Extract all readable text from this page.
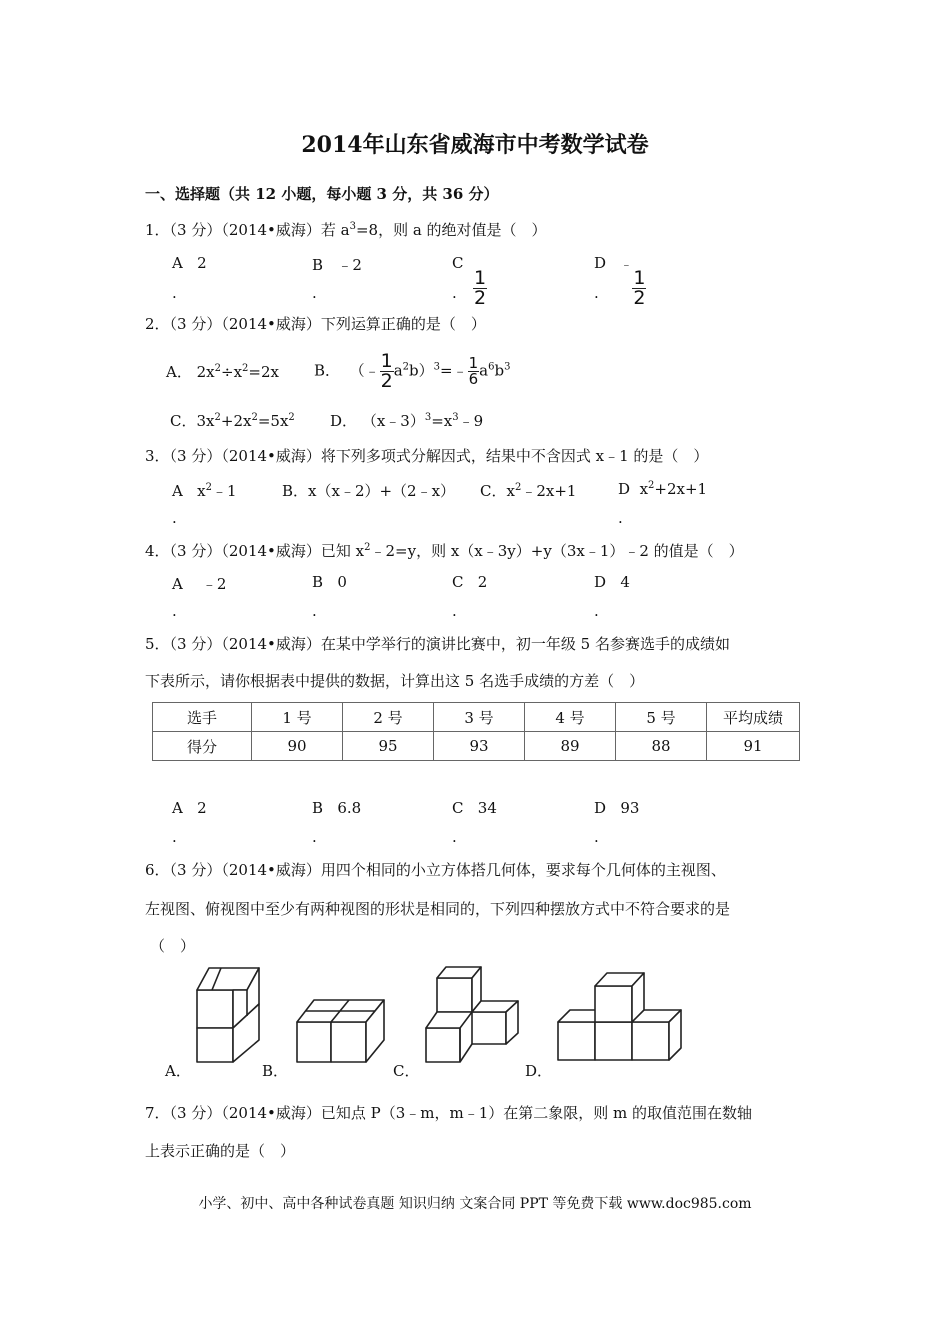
2014年山东省威海市中考数学试卷
一、选择题（共 12 小题，每小题 3 分，共 36 分）
1．（3 分）（2014•威海）若 $a^3=8$，则 a 的绝对值是（　）
A 2	B ﹣2	C
$\frac{1}{2}$
D ﹣
$\frac{1}{2}$
.	.	.	.
2．（3 分）（2014•威海）下列运算正确的是（　）
A． $2x^2\div x^2=2x$ B． （﹣ $\frac{1}{2}$ $a^2b)^3=﹣ \frac{1}{6} a^6b^3$
C．$3x^2+2x^2=5x^2$ D． $(x﹣3)^3=x^3﹣9$
3．（3 分）（2014•威海）将下列多项式分解因式，结果中不含因式 x﹣1 的是（　）
A $x^2﹣1$	B．x（x﹣2）+（2﹣x） C．$x^2﹣2x+1$	D $x^2+2x+1$
.	.
4．（3 分）（2014•威海）已知 $x^2﹣2=y$，则 x（x﹣3y）+y（3x﹣1）﹣2 的值是（　）
A ﹣2	B 0	C 2	D 4
.	.	.	.
5．（3 分）（2014•威海）在某中学举行的演讲比赛中，初一年级 5 名参赛选手的成绩如
下表所示，请你根据表中提供的数据，计算出这 5 名选手成绩的方差（　）
选手	1 号	2 号	3 号	4 号	5 号	平均成绩
得分	90	95	93	89	88	91
A 2	B 6.8	C 34	D 93
.	.	.	.
6．（3 分）（2014•威海）用四个相同的小立方体搭几何体，要求每个几何体的主视图、
左视图、俯视图中至少有两种视图的形状是相同的，下列四种摆放方式中不符合要求的是
（　）
A．	B．	C．	D．
7．（3 分）（2014•威海）已知点 P（3﹣m，m﹣1）在第二象限，则 m 的取值范围在数轴
上表示正确的是（　）
小学、初中、高中各种试卷真题 知识归纳 文案合同 PPT 等免费下载 www.doc985.com
